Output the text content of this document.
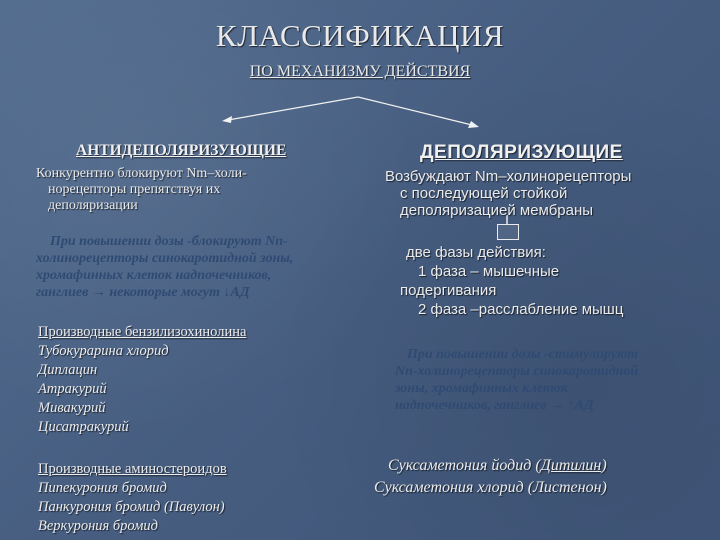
КЛАССИФИКАЦИЯ
ПО МЕХАНИЗМУ ДЕЙСТВИЯ
АНТИДЕПОЛЯРИЗУЮЩИЕ
Конкурентно блокируют Nm–холи-
норецепторы препятствуя их
деполяризации
При повышении дозы -блокируют Nn-
холинорецепторы синокаротидной зоны,
хромафинных клеток надпочечников,
ганглиев → некоторые могут ↓АД
Производные бензилизохинолина
Тубокурарина хлорид
Диплацин
Атракурий
Мивакурий
Цисатракурий
Производные аминостероидов
Пипекурония бромид
Панкурония бромид (Павулон)
Веркурония бромид
ДЕПОЛЯРИЗУЮЩИЕ
Возбуждают Nm–холинорецепторы
с последующей стойкой
деполяризацией мембраны
две фазы действия:
1 фаза – мышечные
подергивания
2 фаза –расслабление мышц
При повышении дозы -стимулируют
Nn-холинорецепторы синокаротидной
зоны, хромафинных клеток
надпочечников, ганглиев → ↑АД
Суксаметония йодид (Дитилин)
Суксаметония хлорид (Листенон)
